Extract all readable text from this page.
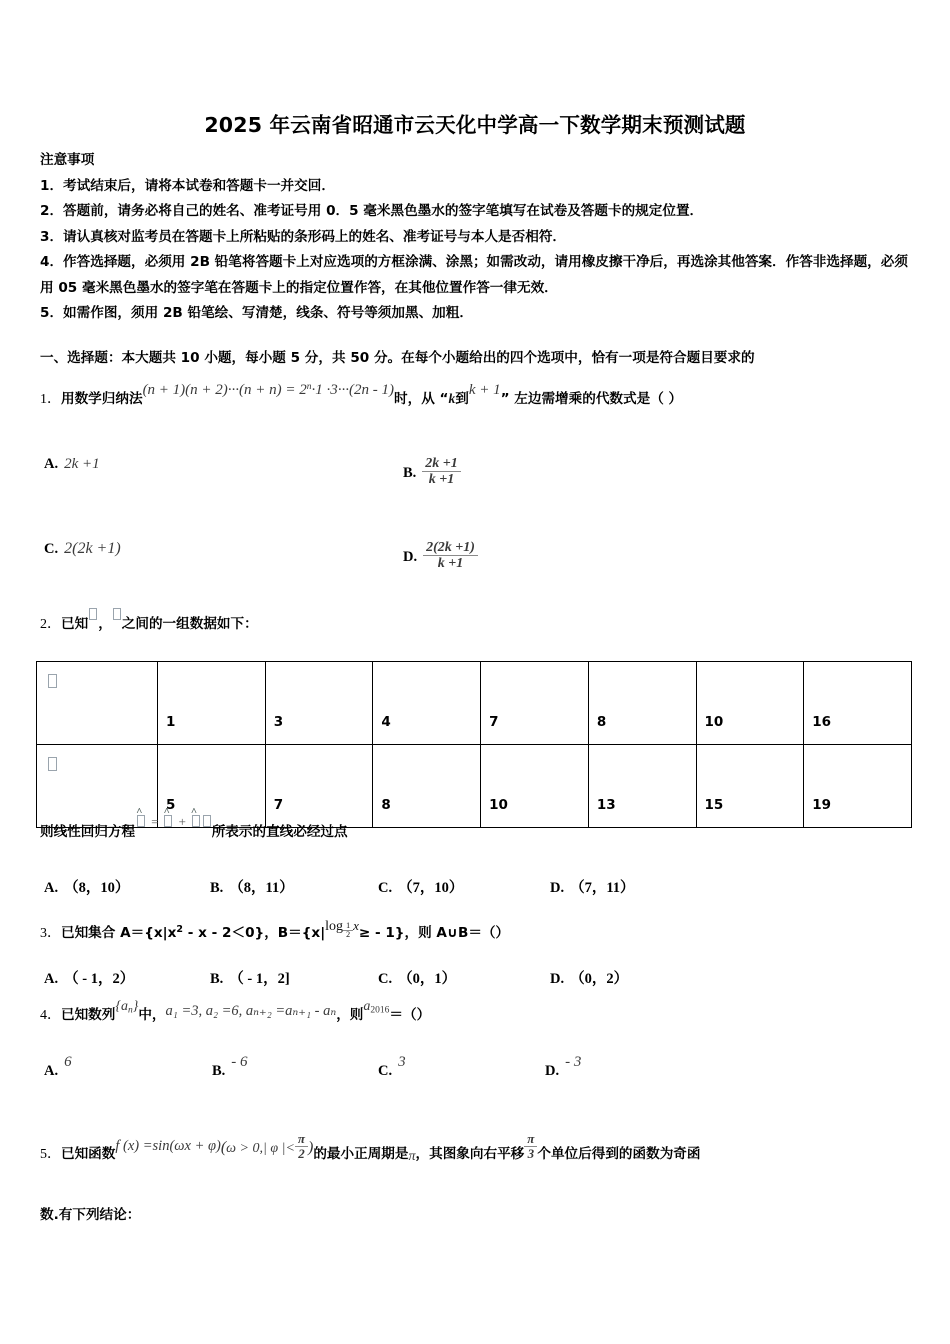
2025 年云南省昭通市云天化中学高一下数学期末预测试题
注意事项
1．考试结束后，请将本试卷和答题卡一并交回．
2．答题前，请务必将自己的姓名、准考证号用 0．5 毫米黑色墨水的签字笔填写在试卷及答题卡的规定位置．
3．请认真核对监考员在答题卡上所粘贴的条形码上的姓名、准考证号与本人是否相符．
4．作答选择题，必须用 2B 铅笔将答题卡上对应选项的方框涂满、涂黑；如需改动，请用橡皮擦干净后，再选涂其他答案．作答非选择题，必须用 05 毫米黑色墨水的签字笔在答题卡上的指定位置作答，在其他位置作答一律无效．
5．如需作图，须用 2B 铅笔绘、写清楚，线条、符号等须加黑、加粗．
一、选择题：本大题共 10 小题，每小题 5 分，共 50 分。在每个小题给出的四个选项中，恰有一项是符合题目要求的
1．用数学归纳法$(n + 1)(n + 2)\cdot\cdot\cdot(n + n) = 2^n\cdot 1 \cdot 3\cdot\cdot\cdot(2n - 1)$时，从 “k到k + 1” 左边需增乘的代数式是（ ）
A. 2k +1
B. $\frac{2k +1}{k +1}$
C. 2(2k +1)	D. $\frac{2(2k +1)}{k +1}$
2．已知 ， 之间的一组数据如下：
	1	3	4	7	8	10	16
	5	7	8	10	13	15	19
则线性回归方程^  = ^  + ^ 所表示的直线必经过点
A. （8，10）	B. （8，11）	C. （7，10）	D. （7，11）
3．已知集合 $A=\{x|x^2 - x - 2<0\}$，$B=\{x|\log \frac{1}{2} x\ge - 1\}$，则 A∪B＝（）
A. （ - 1，2）	B. （ - 1，2]	C. （0，1）	D. （0，2）
4．已知数列$\{a_n\}$中，a₁ =3, a₂ =6, aₙ₊₂ =aₙ₊₁ - aₙ，则$a_{2016}=()$
A.6
B.- 6
C.3
D.- 3
5．已知函数f (x) =sin(ωx + φ)(ω > 0,| φ |< $\frac{\pi}{2}$ )的最小正周期是π，其图象向右平移 $\frac{\pi}{3}$ 个单位后得到的函数为奇函
数.有下列结论：
